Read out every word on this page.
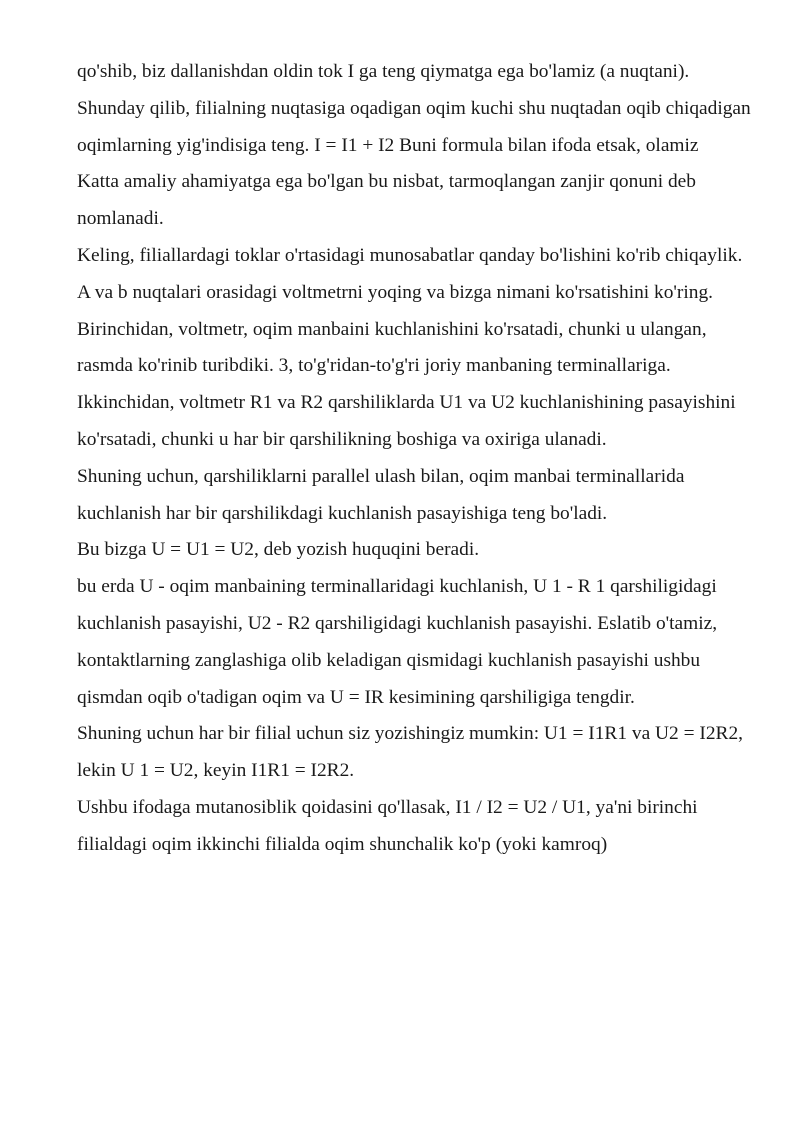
qo'shib, biz dallanishdan oldin tok I ga teng qiymatga ega bo'lamiz (a nuqtani).

Shunday qilib, filialning nuqtasiga oqadigan oqim kuchi shu nuqtadan oqib chiqadigan oqimlarning yig'indisiga teng. I = I1 + I2 Buni formula bilan ifoda etsak, olamiz

Katta amaliy ahamiyatga ega bo'lgan bu nisbat, tarmoqlangan zanjir qonuni deb nomlanadi.

Keling, filiallardagi toklar o'rtasidagi munosabatlar qanday bo'lishini ko'rib chiqaylik.

A va b nuqtalari orasidagi voltmetrni yoqing va bizga nimani ko'rsatishini ko'ring. Birinchidan, voltmetr, oqim manbaini kuchlanishini ko'rsatadi, chunki u ulangan, rasmda ko'rinib turibdiki. 3, to'g'ridan-to'g'ri joriy manbaning terminallariga. Ikkinchidan, voltmetr R1 va R2 qarshiliklarda U1 va U2 kuchlanishining pasayishini ko'rsatadi, chunki u har bir qarshilikning boshiga va oxiriga ulanadi.

Shuning uchun, qarshiliklarni parallel ulash bilan, oqim manbai terminallarida kuchlanish har bir qarshilikdagi kuchlanish pasayishiga teng bo'ladi.

Bu bizga U = U1 = U2, deb yozish huquqini beradi.

bu erda U - oqim manbaining terminallaridagi kuchlanish, U 1 - R 1 qarshiligidagi kuchlanish pasayishi, U2 - R2 qarshiligidagi kuchlanish pasayishi. Eslatib o'tamiz, kontaktlarning zanglashiga olib keladigan qismidagi kuchlanish pasayishi ushbu qismdan oqib o'tadigan oqim va U = IR kesimining qarshiligiga tengdir.

Shuning uchun har bir filial uchun siz yozishingiz mumkin: U1 = I1R1 va U2 = I2R2, lekin U 1 = U2, keyin I1R1 = I2R2.

Ushbu ifodaga mutanosiblik qoidasini qo'llasak, I1 / I2 = U2 / U1, ya'ni birinchi filialdagi oqim ikkinchi filialda oqim shunchalik ko'p (yoki kamroq)
